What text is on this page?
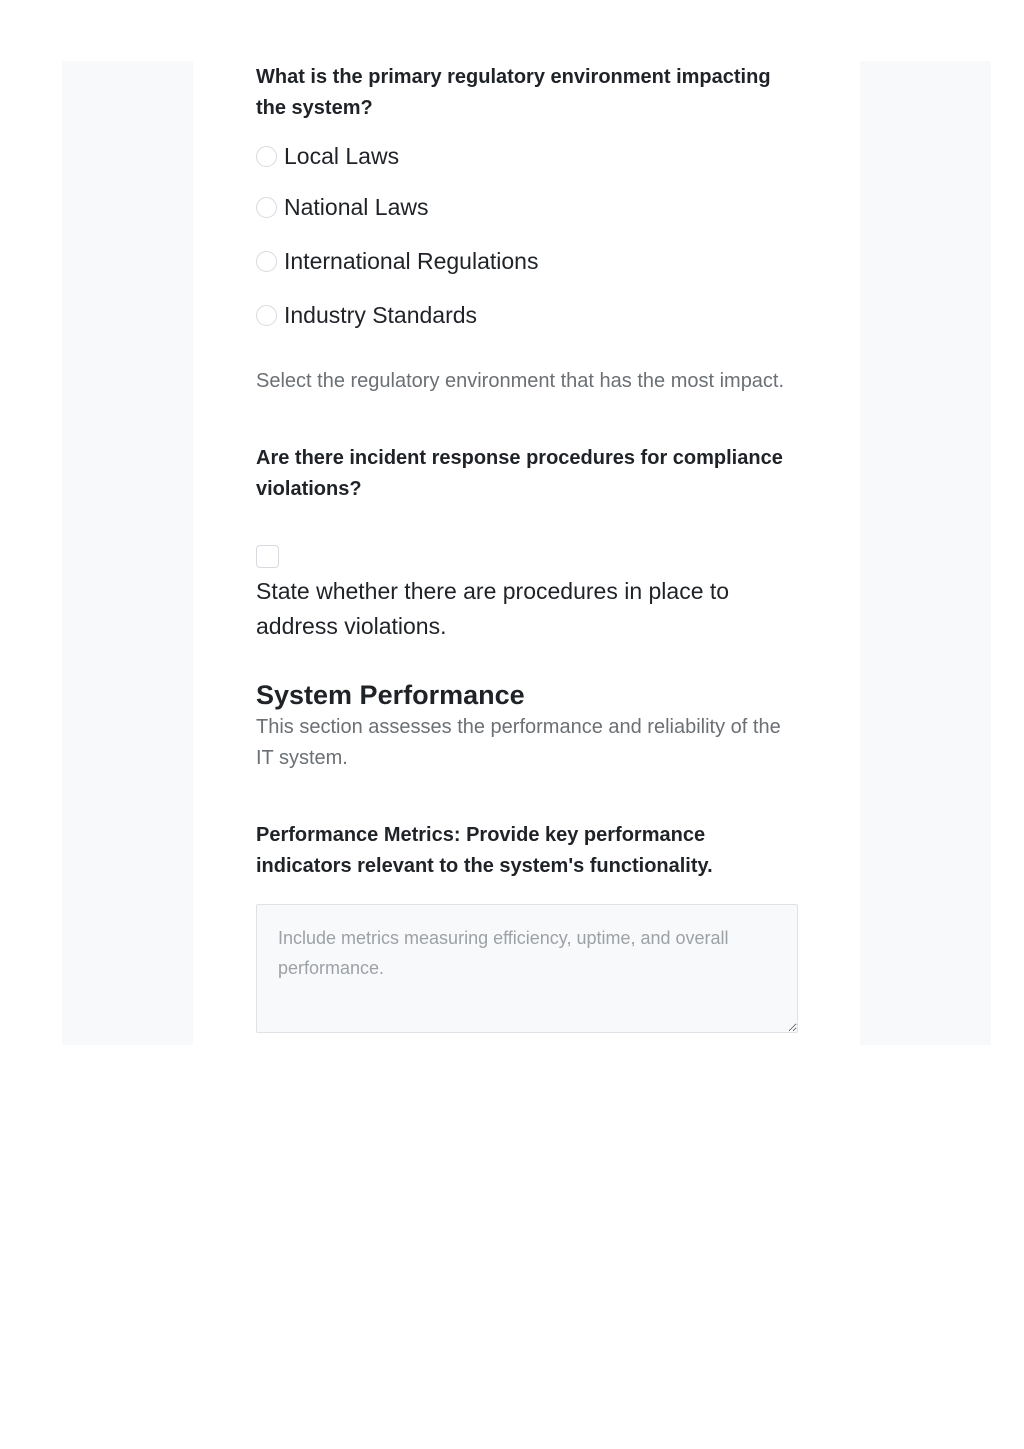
What is the primary regulatory environment impacting the system?

Local Laws
National Laws
International Regulations
Industry Standards

Select the regulatory environment that has the most impact.

Are there incident response procedures for compliance violations?

State whether there are procedures in place to address violations.

System Performance

This section assesses the performance and reliability of the IT system.

Performance Metrics: Provide key performance indicators relevant to the system's functionality.

Include metrics measuring efficiency, uptime, and overall performance.
